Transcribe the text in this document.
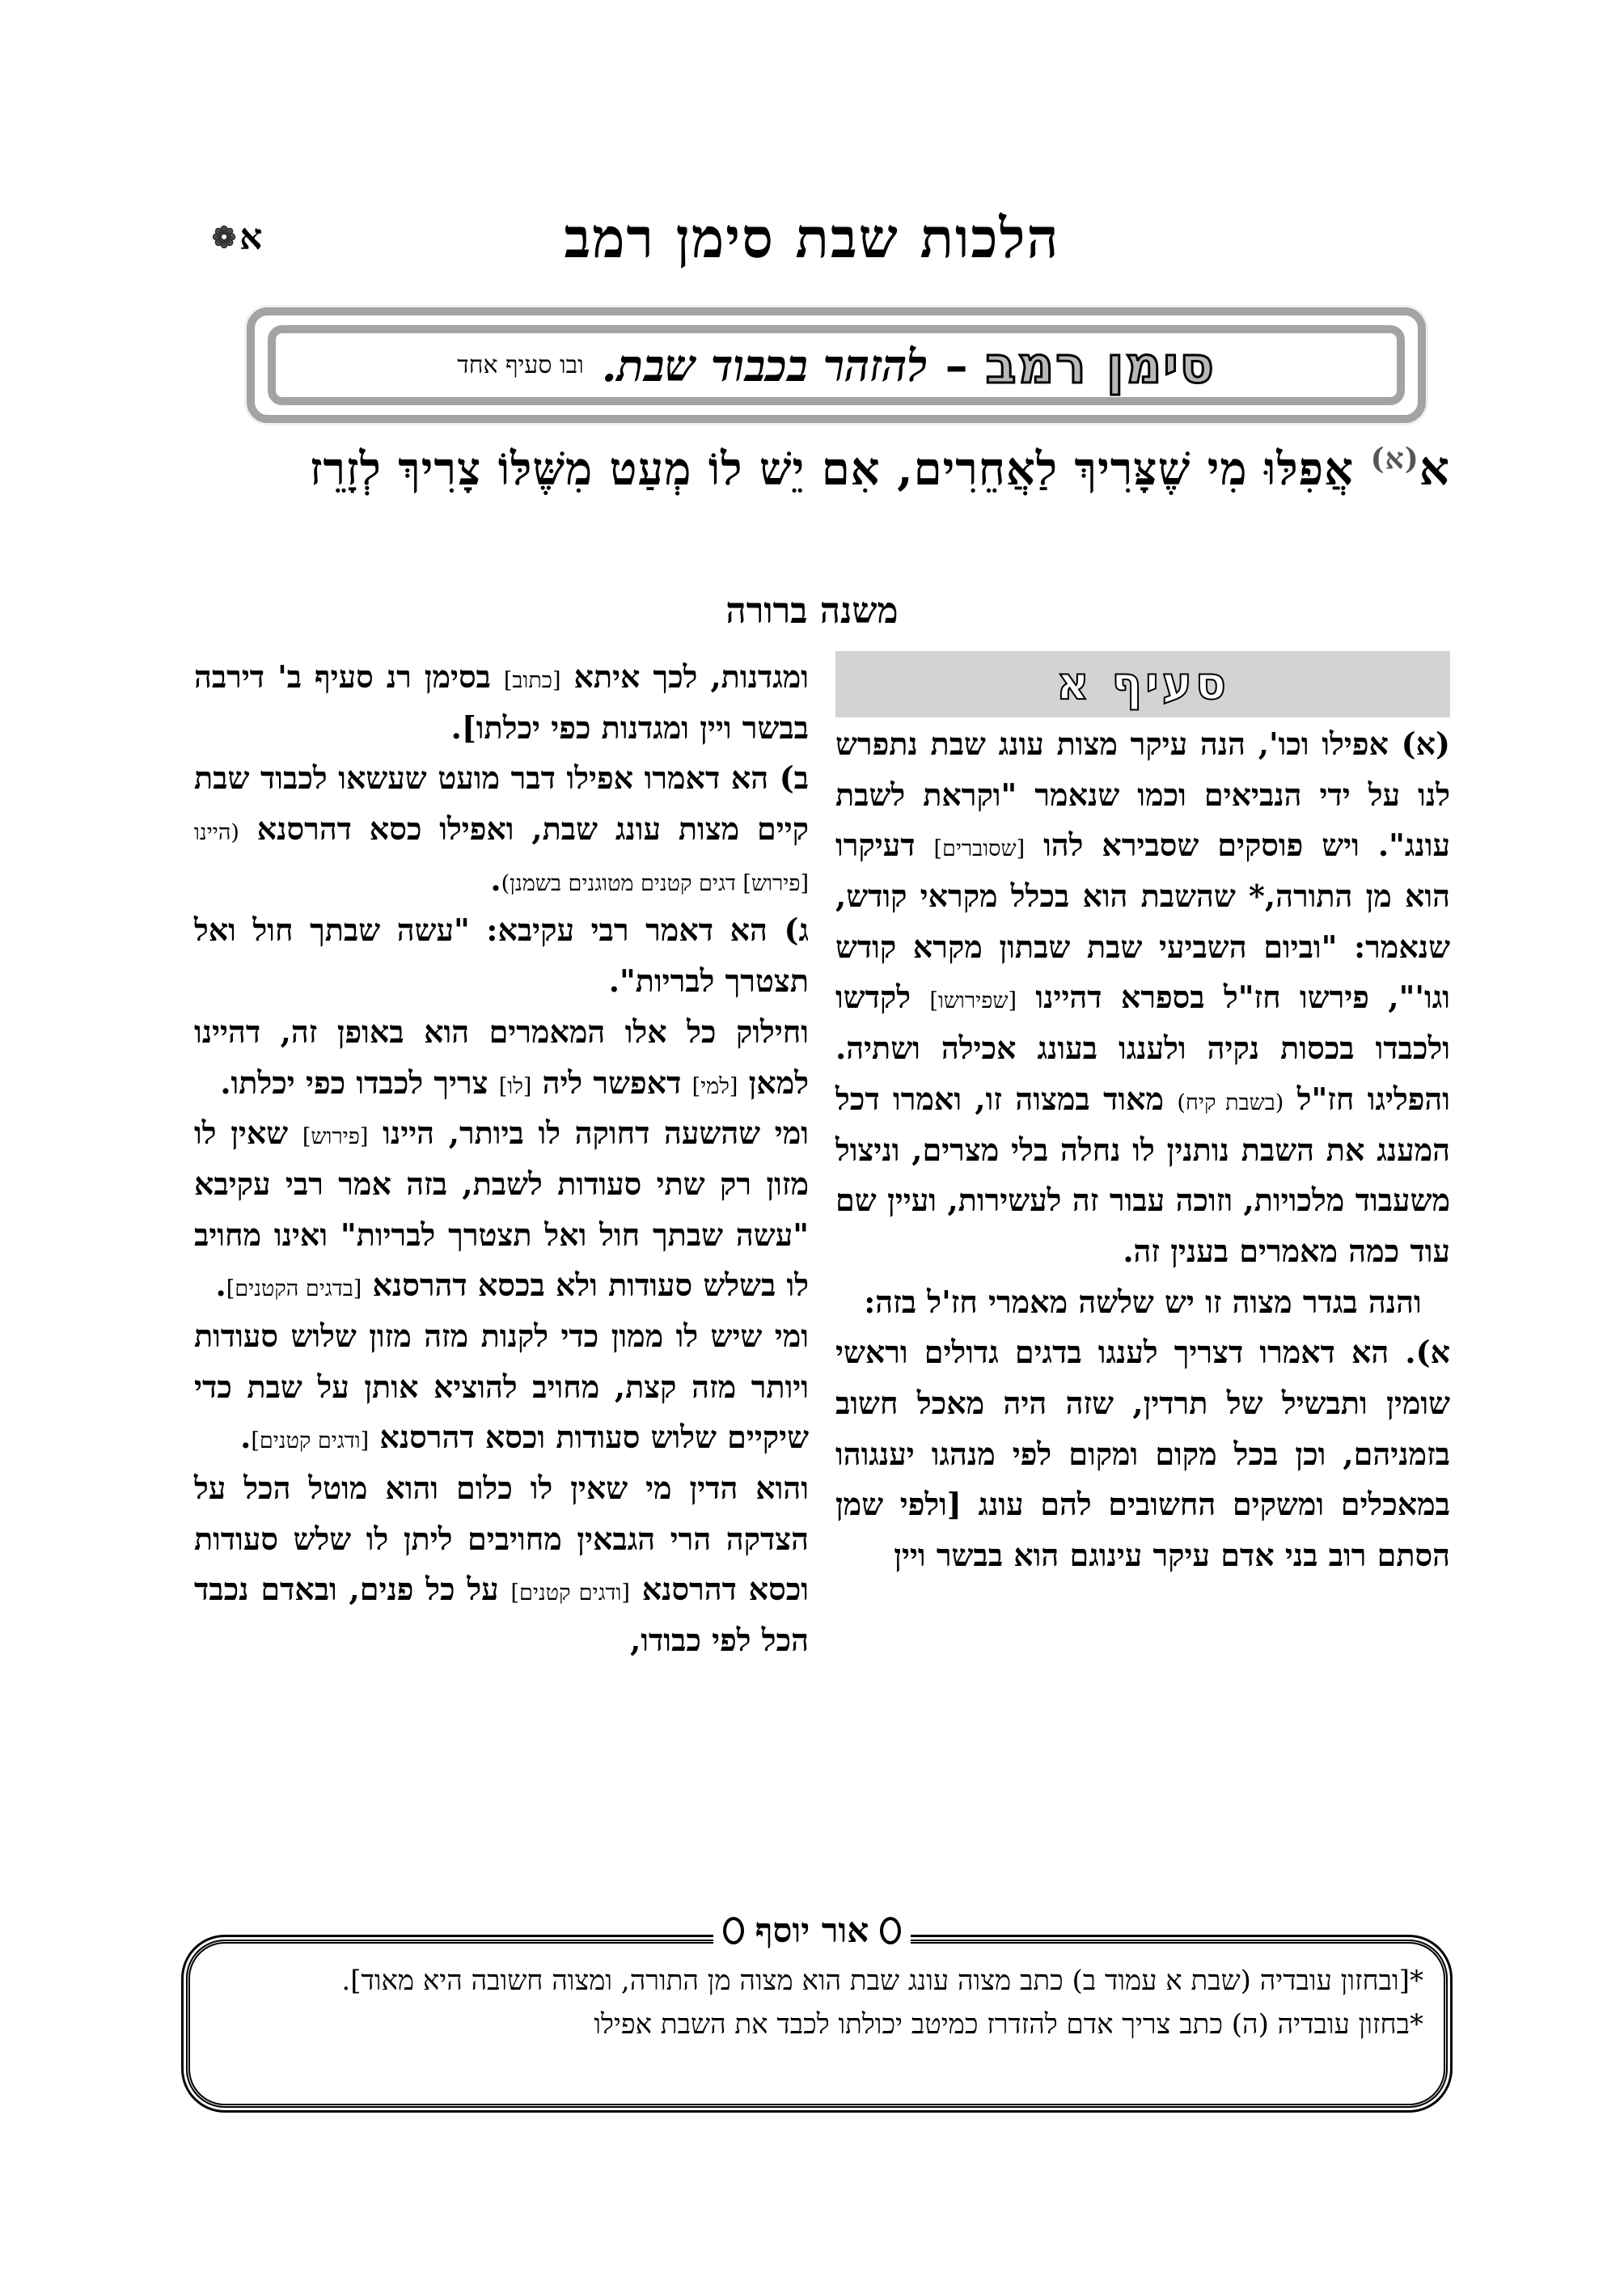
א
❁	הלכות שבת סימן רמב
סימן רמב
–
להזהר בכבוד שבת.
ובו סעיף אחד
א$^{(א)}$ אֲפִלּוּ מִי שֶׁצָּרִיךְ לַאֲחֵרִים, אִם יֵשׁ לוֹ מְעַט מִשֶּׁלּוֹ צָרִיךְ לְזָרֵז
משנה ברורה
סעיף א

(א) אפילו וכו', הנה עיקר מצות עונג שבת נתפרש לנו על ידי הנביאים וכמו שנאמר "וקראת לשבת עונג". ויש פוסקים שסבירא להו [שסוברים] דעיקרו הוא מן התורה,* שהשבת הוא בכלל מקראי קודש, שנאמר: "וביום השביעי שבת שבתון מקרא קודש וגו'", פירשו חז"ל בספרא דהיינו [שפירושו] לקדשו ולכבדו בכסות נקיה ולענגו בעונג אכילה ושתיה. והפליגו חז"ל (בשבת קיח) מאוד במצוה זו, ואמרו דכל המענג את השבת נותנין לו נחלה בלי מצרים, וניצול משעבוד מלכויות, וזוכה עבור זה לעשירות, ועיין שם עוד כמה מאמרים בענין זה.

והנה בגדר מצוה זו יש שלשה מאמרי חז'ל בזה:

א). הא דאמרו דצריך לענגו בדגים גדולים וראשי שומין ותבשיל של תרדין, שזה היה מאכל חשוב בזמניהם, וכן בכל מקום ומקום לפי מנהגו יענגוהו במאכלים ומשקים החשובים להם עונג [ולפי שמן הסתם רוב בני אדם עיקר עינוגם הוא בבשר ויין

ומגדנות, לכך איתא [כתוב] בסימן רנ סעיף ב' דירבה בבשר ויין ומגדנות כפי יכלתו].

ב) הא דאמרו אפילו דבר מועט שעשאו לכבוד שבת קיים מצות עונג שבת, ואפילו כסא דהרסנא (היינו [פירוש] דגים קטנים מטוגנים בשמנן).

ג) הא דאמר רבי עקיבא: "עשה שבתך חול ואל תצטרך לבריות".

וחילוק כל אלו המאמרים הוא באופן זה, דהיינו למאן [למי] דאפשר ליה [לו] צריך לכבדו כפי יכלתו.

ומי שהשעה דחוקה לו ביותר, היינו [פירוש] שאין לו מזון רק שתי סעודות לשבת, בזה אמר רבי עקיבא "עשה שבתך חול ואל תצטרך לבריות" ואינו מחויב לו בשלש סעודות ולא בכסא דהרסנא [בדגים הקטנים].

ומי שיש לו ממון כדי לקנות מזה מזון שלוש סעודות ויותר מזה קצת, מחויב להוציא אותן על שבת כדי שיקיים שלוש סעודות וכסא דהרסנא [ודגים קטנים].

והוא הדין מי שאין לו כלום והוא מוטל הכל על הצדקה הרי הגבאין מחויבים ליתן לו שלש סעודות וכסא דהרסנא [ודגים קטנים] על כל פנים, ובאדם נכבד הכל לפי כבודו,

אור יוסף

*[ובחזון עובדיה (שבת א עמוד ב) כתב מצוה עונג שבת הוא מצוה מן התורה, ומצוה חשובה היא מאוד].

*בחזון עובדיה (ה) כתב צריך אדם להזדרז כמיטב יכולתו לכבד את השבת אפילו
